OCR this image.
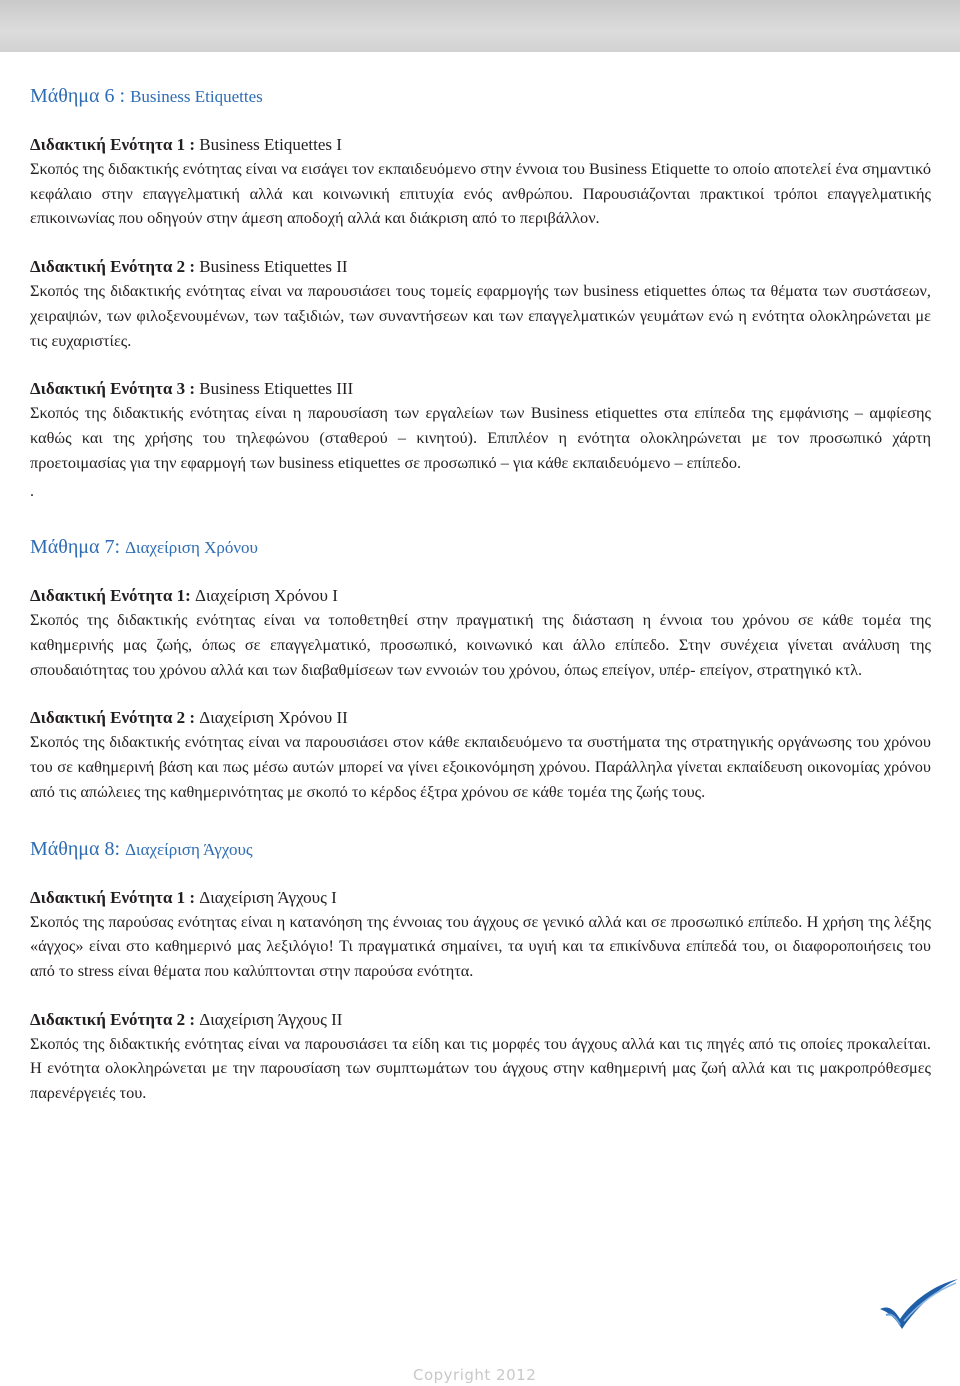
Μάθημα 6 : Business Etiquettes

Διδακτική Ενότητα 1 : Business Etiquettes I

Σκοπός της διδακτικής ενότητας είναι να εισάγει τον εκπαιδευόμενο στην έννοια του Business Etiquette το οποίο αποτελεί ένα σημαντικό κεφάλαιο στην επαγγελματική αλλά και κοινωνική επιτυχία ενός ανθρώπου. Παρουσιάζονται πρακτικοί τρόποι επαγγελματικής επικοινωνίας που οδηγούν στην άμεση αποδοχή αλλά και διάκριση από το περιβάλλον.

Διδακτική Ενότητα 2 : Business Etiquettes II

Σκοπός της διδακτικής ενότητας είναι να παρουσιάσει τους τομείς εφαρμογής των business etiquettes όπως τα θέματα των συστάσεων, χειραψιών, των φιλοξενουμένων, των ταξιδιών, των συναντήσεων και των επαγγελματικών γευμάτων ενώ η ενότητα ολοκληρώνεται με τις ευχαριστίες.

Διδακτική Ενότητα 3 : Business Etiquettes III

Σκοπός της διδακτικής ενότητας είναι η παρουσίαση των εργαλείων των Business etiquettes στα επίπεδα της εμφάνισης – αμφίεσης καθώς και της χρήσης του τηλεφώνου (σταθερού – κινητού). Επιπλέον η ενότητα ολοκληρώνεται με τον προσωπικό χάρτη προετοιμασίας για την εφαρμογή των business etiquettes σε προσωπικό – για κάθε εκπαιδευόμενο – επίπεδο.

.

Μάθημα 7: Διαχείριση Χρόνου

Διδακτική Ενότητα 1: Διαχείριση Χρόνου I

Σκοπός της διδακτικής ενότητας είναι να τοποθετηθεί στην πραγματική της διάσταση η έννοια του χρόνου σε κάθε τομέα της καθημερινής μας ζωής, όπως σε επαγγελματικό, προσωπικό, κοινωνικό και άλλο επίπεδο. Στην συνέχεια γίνεται ανάλυση της σπουδαιότητας του χρόνου αλλά και των διαβαθμίσεων των εννοιών του χρόνου, όπως επείγον, υπέρ- επείγον, στρατηγικό κτλ.

Διδακτική Ενότητα 2 : Διαχείριση Χρόνου II

Σκοπός της διδακτικής ενότητας είναι να παρουσιάσει στον κάθε εκπαιδευόμενο τα συστήματα της στρατηγικής οργάνωσης του χρόνου του σε καθημερινή βάση και πως μέσω αυτών μπορεί να γίνει εξοικονόμηση χρόνου. Παράλληλα γίνεται εκπαίδευση οικονομίας χρόνου από τις απώλειες της καθημερινότητας με σκοπό το κέρδος έξτρα χρόνου σε κάθε τομέα της ζωής τους.

Μάθημα 8: Διαχείριση Άγχους

Διδακτική Ενότητα 1 : Διαχείριση Άγχους I

Σκοπός της παρούσας ενότητας είναι η κατανόηση της έννοιας του άγχους σε γενικό αλλά και σε προσωπικό επίπεδο. Η χρήση της λέξης «άγχος» είναι στο καθημερινό μας λεξιλόγιο! Τι πραγματικά σημαίνει, τα υγιή και τα επικίνδυνα επίπεδά του, οι διαφοροποιήσεις του από το stress είναι θέματα που καλύπτονται στην παρούσα ενότητα.

Διδακτική Ενότητα 2 : Διαχείριση Άγχους II

Σκοπός της διδακτικής ενότητας είναι να παρουσιάσει τα είδη και τις μορφές του άγχους αλλά και τις πηγές από τις οποίες προκαλείται. Η ενότητα ολοκληρώνεται με την παρουσίαση των συμπτωμάτων του άγχους στην καθημερινή μας ζωή αλλά και τις μακροπρόθεσμες παρενέργειές του.

Copyright 2012
